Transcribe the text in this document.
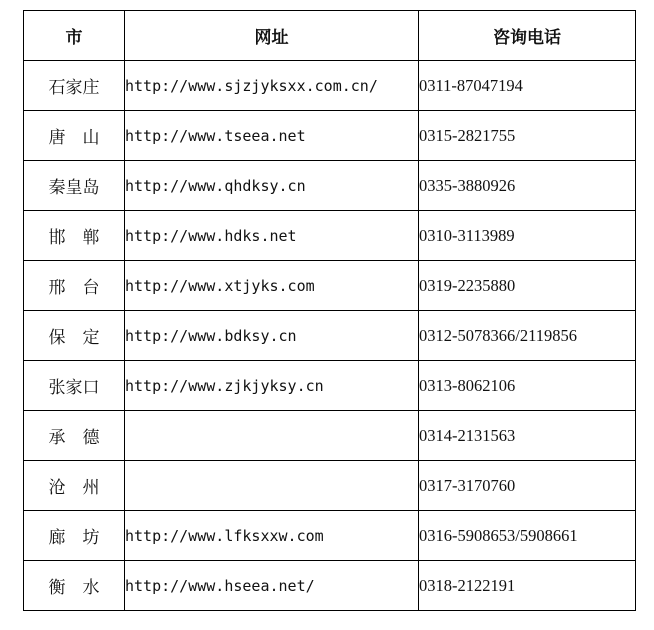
市	网址	咨询电话
石家庄	http://www.sjzjyksxx.com.cn/	0311-87047194
唐　山	http://www.tseea.net	0315-2821755
秦皇岛	http://www.qhdksy.cn	0335-3880926
邯　郸	http://www.hdks.net	0310-3113989
邢　台	http://www.xtjyks.com	0319-2235880
保　定	http://www.bdksy.cn	0312-5078366/2119856
张家口	http://www.zjkjyksy.cn	0313-8062106
承　德		0314-2131563
沧　州		0317-3170760
廊　坊	http://www.lfksxxw.com	0316-5908653/5908661
衡　水	http://www.hseea.net/	0318-2122191
